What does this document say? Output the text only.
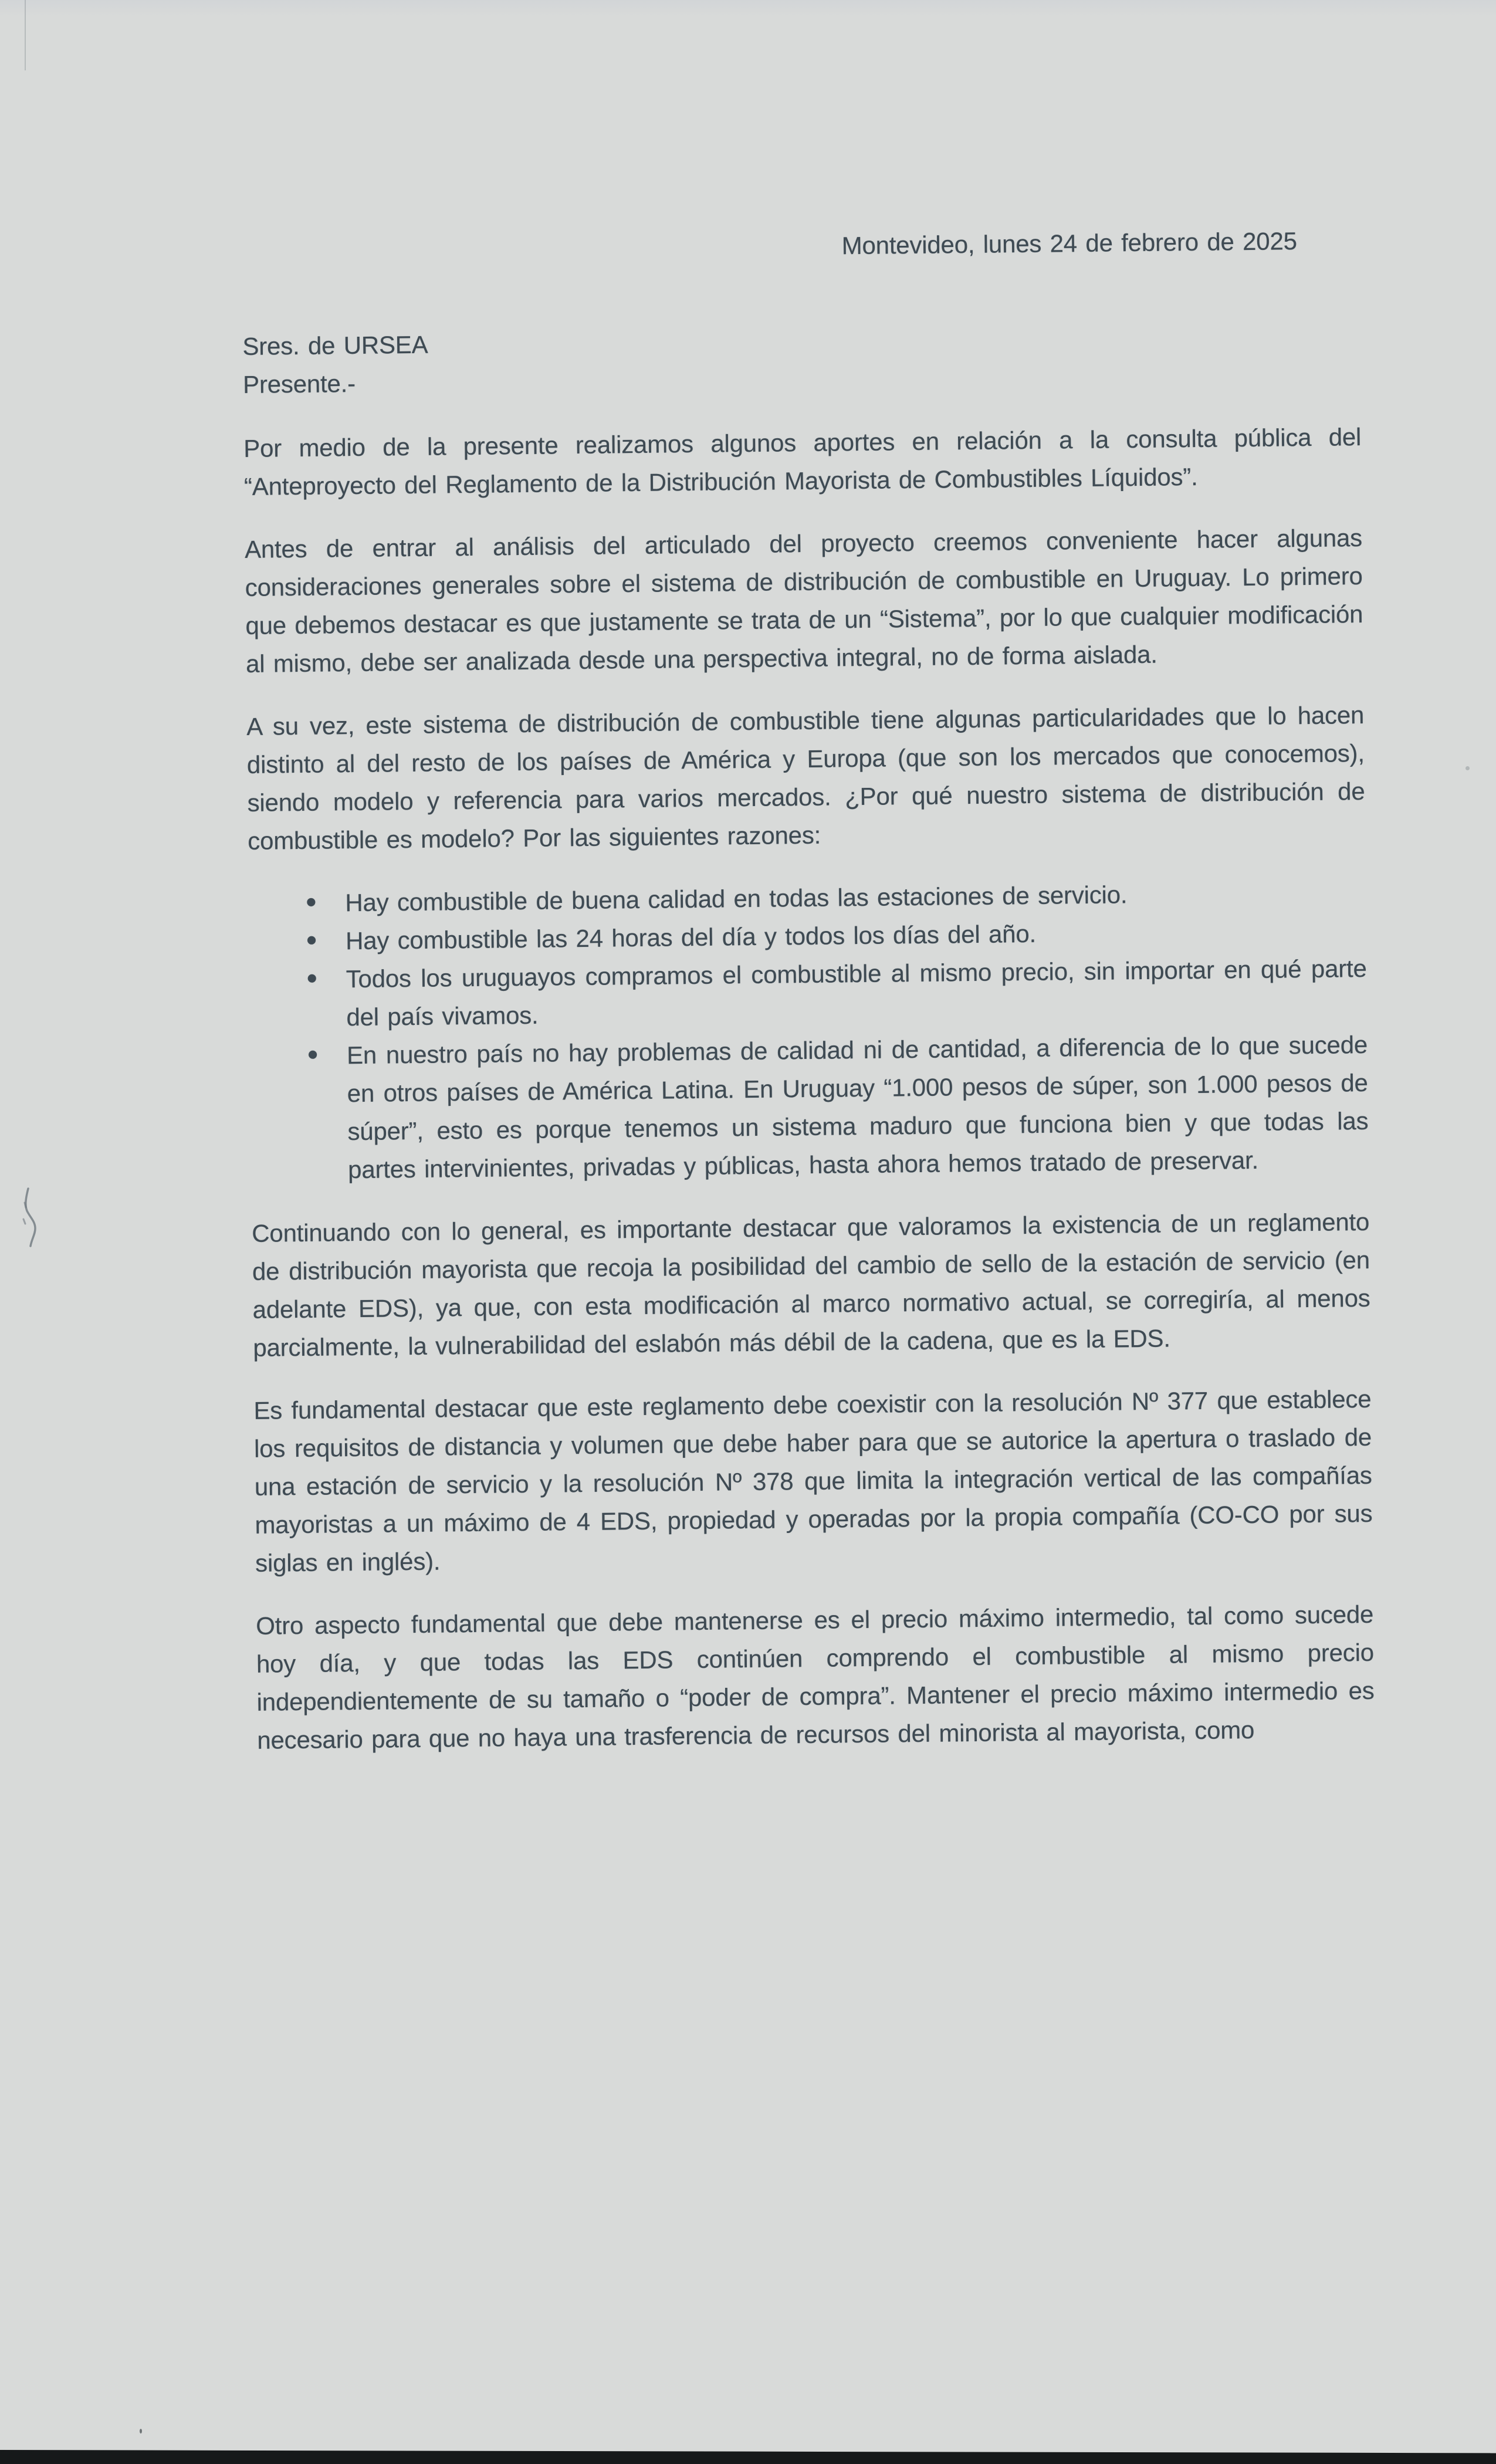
Montevideo, lunes 24 de febrero de 2025

Sres. de URSEA
Presente.-

Por medio de la presente realizamos algunos aportes en relación a la consulta pública del “Anteproyecto del Reglamento de la Distribución Mayorista de Combustibles Líquidos”.

Antes de entrar al análisis del articulado del proyecto creemos conveniente hacer algunas consideraciones generales sobre el sistema de distribución de combustible en Uruguay. Lo primero que debemos destacar es que justamente se trata de un “Sistema”, por lo que cualquier modificación al mismo, debe ser analizada desde una perspectiva integral, no de forma aislada.

A su vez, este sistema de distribución de combustible tiene algunas particularidades que lo hacen distinto al del resto de los países de América y Europa (que son los mercados que conocemos), siendo modelo y referencia para varios mercados. ¿Por qué nuestro sistema de distribución de combustible es modelo? Por las siguientes razones:

Hay combustible de buena calidad en todas las estaciones de servicio.
Hay combustible las 24 horas del día y todos los días del año.
Todos los uruguayos compramos el combustible al mismo precio, sin importar en qué parte del país vivamos.
En nuestro país no hay problemas de calidad ni de cantidad, a diferencia de lo que sucede en otros países de América Latina. En Uruguay “1.000 pesos de súper, son 1.000 pesos de súper”, esto es porque tenemos un sistema maduro que funciona bien y que todas las partes intervinientes, privadas y públicas, hasta ahora hemos tratado de preservar.

Continuando con lo general, es importante destacar que valoramos la existencia de un reglamento de distribución mayorista que recoja la posibilidad del cambio de sello de la estación de servicio (en adelante EDS), ya que, con esta modificación al marco normativo actual, se corregiría, al menos parcialmente, la vulnerabilidad del eslabón más débil de la cadena, que es la EDS.

Es fundamental destacar que este reglamento debe coexistir con la resolución Nº 377 que establece los requisitos de distancia y volumen que debe haber para que se autorice la apertura o traslado de una estación de servicio y la resolución Nº 378 que limita la integración vertical de las compañías mayoristas a un máximo de 4 EDS, propiedad y operadas por la propia compañía (CO-CO por sus siglas en inglés).

Otro aspecto fundamental que debe mantenerse es el precio máximo intermedio, tal como sucede hoy día, y que todas las EDS continúen comprendo el combustible al mismo precio independientemente de su tamaño o “poder de compra”. Mantener el precio máximo intermedio es necesario para que no haya una trasferencia de recursos del minorista al mayorista, como
